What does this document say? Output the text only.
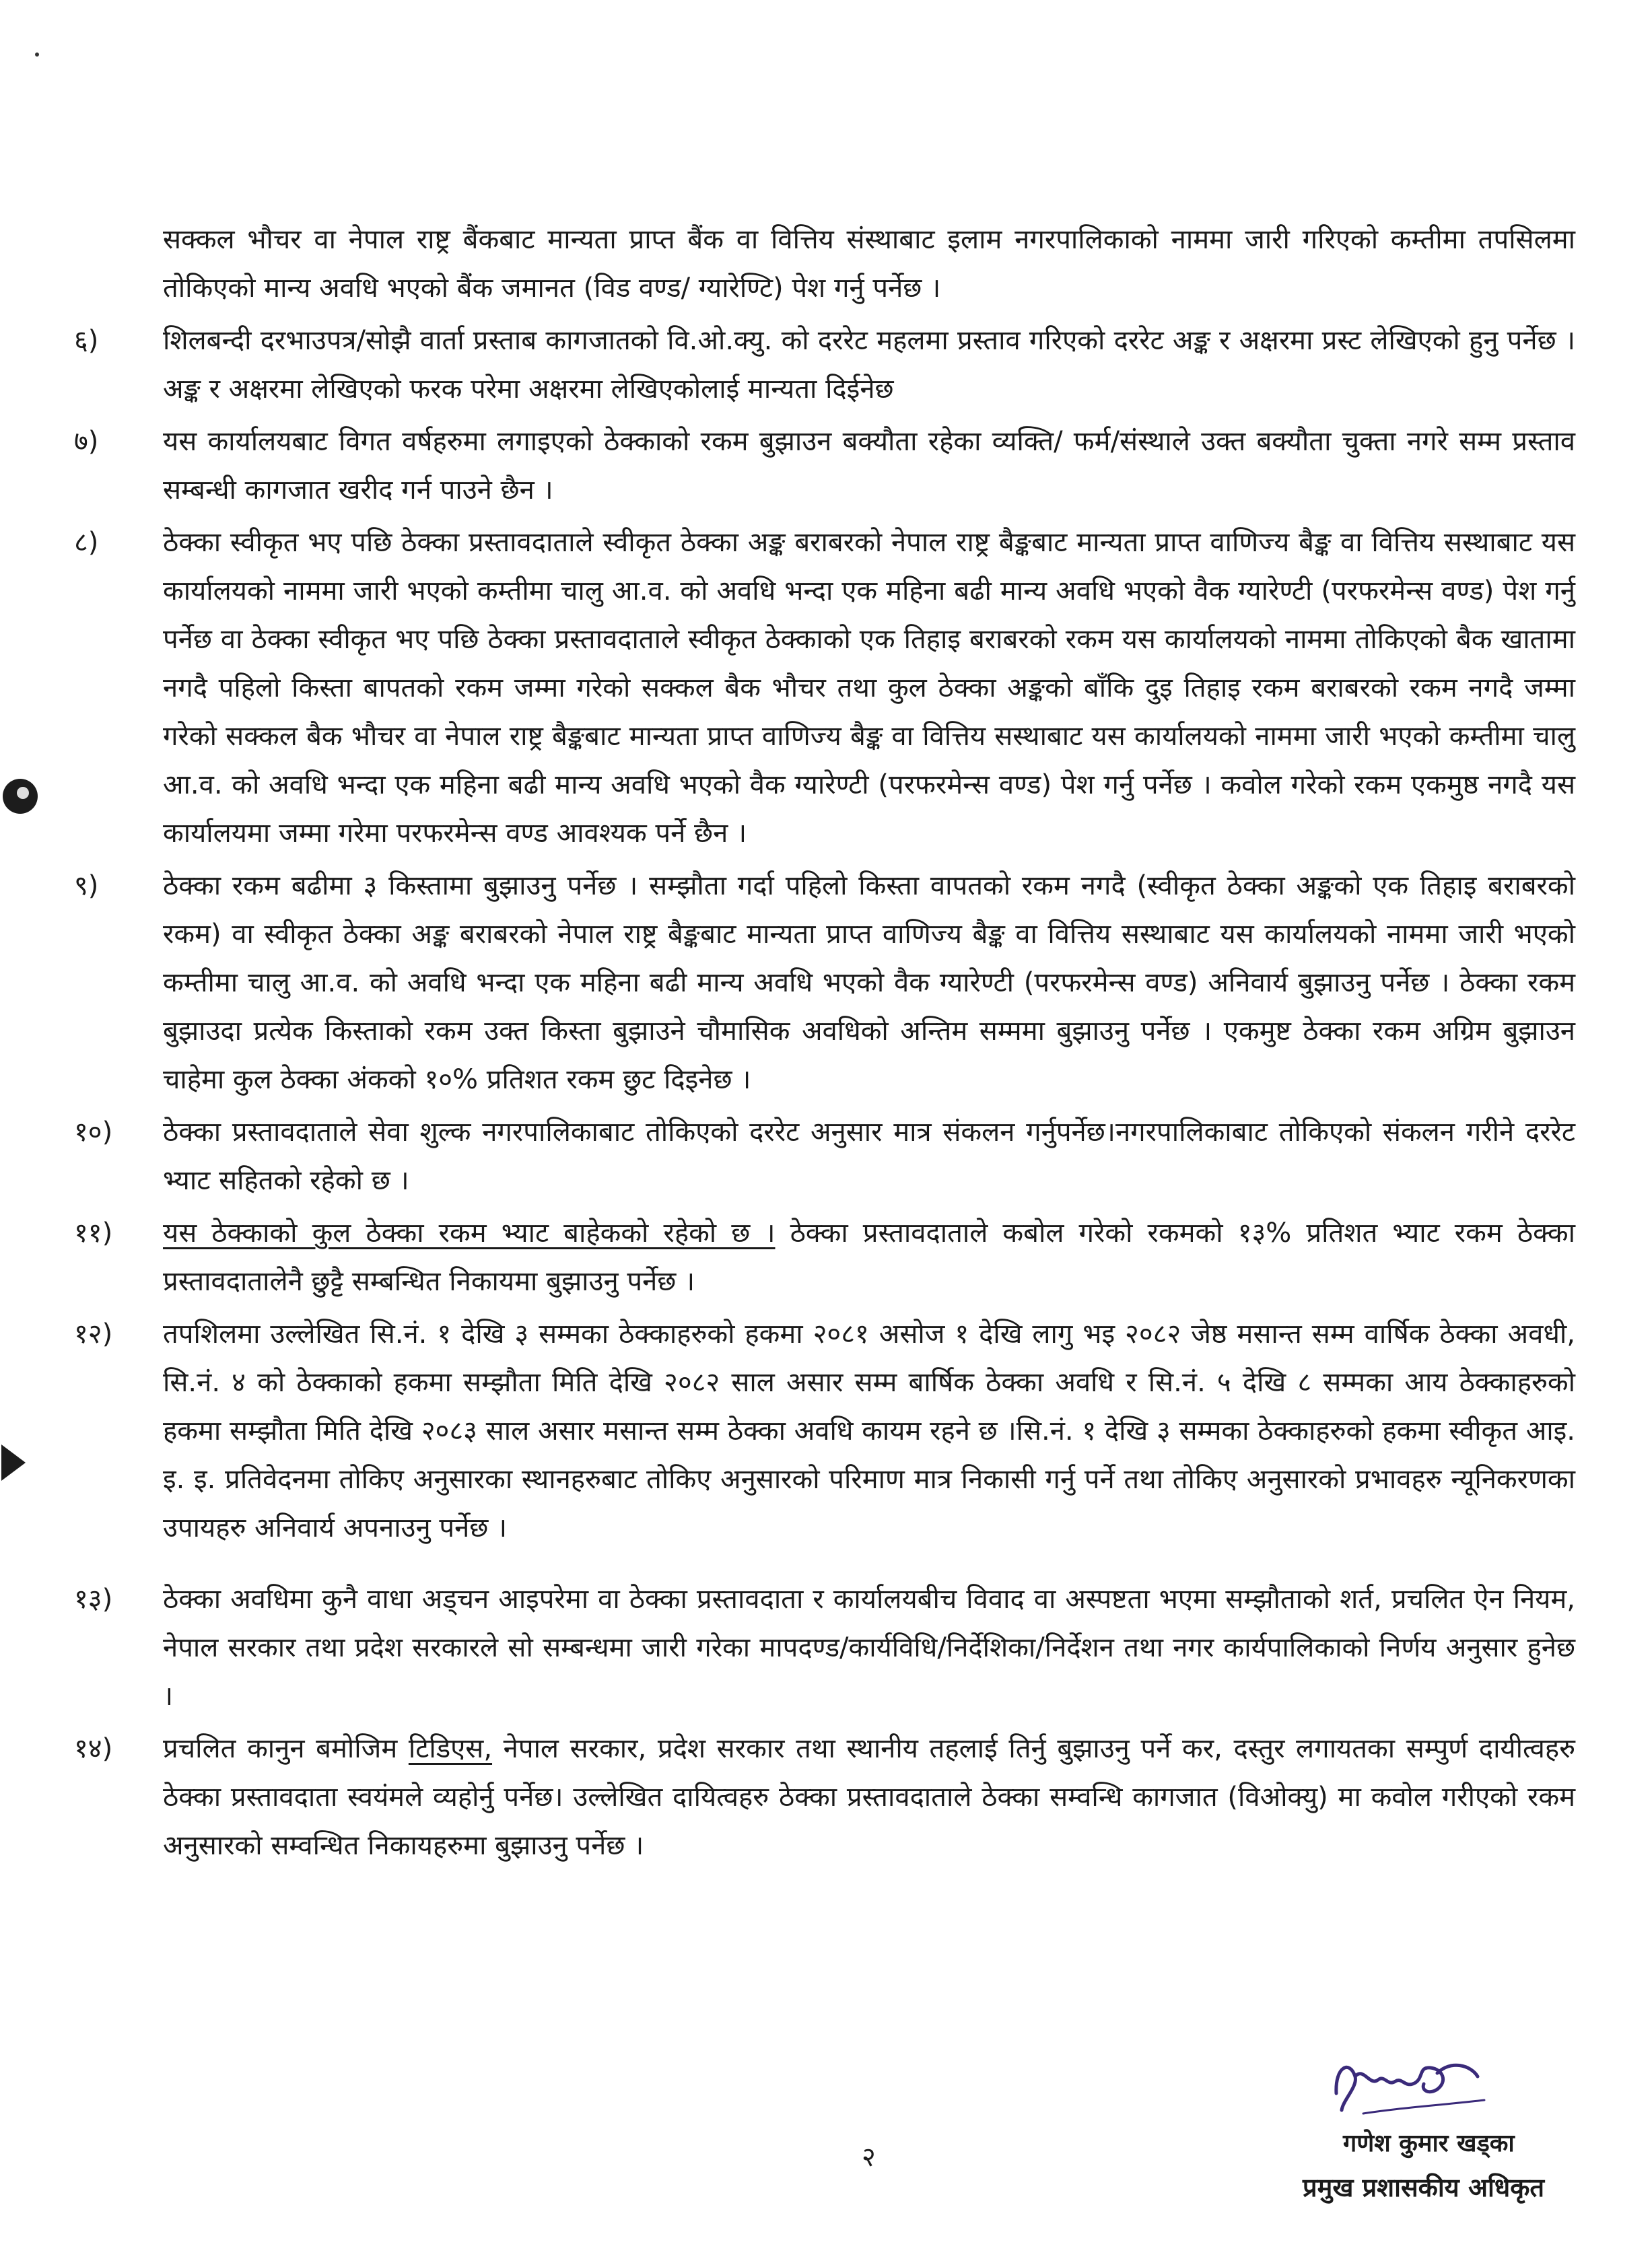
सक्कल भौचर वा नेपाल राष्ट्र बैंकबाट मान्यता प्राप्त बैंक वा वित्तिय संस्थाबाट इलाम नगरपालिकाको नाममा जारी गरिएको कम्तीमा तपसिलमा तोकिएको मान्य अवधि भएको बैंक जमानत (विड वण्ड/ ग्यारेण्टि) पेश गर्नु पर्नेछ ।
६)	शिलबन्दी दरभाउपत्र/सोझै वार्ता प्रस्ताब कागजातको वि.ओ.क्यु. को दररेट महलमा प्रस्ताव गरिएको दररेट अङ्क र अक्षरमा प्रस्ट लेखिएको हुनु पर्नेछ । अङ्क र अक्षरमा लेखिएको फरक परेमा अक्षरमा लेखिएकोलाई मान्यता दिईनेछ
७)	यस कार्यालयबाट विगत वर्षहरुमा लगाइएको ठेक्काको रकम बुझाउन बक्यौता रहेका व्यक्ति/ फर्म/संस्थाले उक्त बक्यौता चुक्ता नगरे सम्म प्रस्ताव सम्बन्धी कागजात खरीद गर्न पाउने छैन ।
८)	ठेक्का स्वीकृत भए पछि ठेक्का प्रस्तावदाताले स्वीकृत ठेक्का अङ्क बराबरको नेपाल राष्ट्र बैङ्कबाट मान्यता प्राप्त वाणिज्य बैङ्क वा वित्तिय सस्थाबाट यस कार्यालयको नाममा जारी भएको कम्तीमा चालु आ.व. को अवधि भन्दा एक महिना बढी मान्य अवधि भएको वैक ग्यारेण्टी (परफरमेन्स वण्ड) पेश गर्नु पर्नेछ वा ठेक्का स्वीकृत भए पछि ठेक्का प्रस्तावदाताले स्वीकृत ठेक्काको एक तिहाइ बराबरको रकम यस कार्यालयको नाममा तोकिएको बैक खातामा नगदै पहिलो किस्ता बापतको रकम जम्मा गरेको सक्कल बैक भौचर तथा कुल ठेक्का अङ्कको बाँकि दुइ तिहाइ रकम बराबरको रकम नगदै जम्मा गरेको सक्कल बैक भौचर वा नेपाल राष्ट्र बैङ्कबाट मान्यता प्राप्त वाणिज्य बैङ्क वा वित्तिय सस्थाबाट यस कार्यालयको नाममा जारी भएको कम्तीमा चालु आ.व. को अवधि भन्दा एक महिना बढी मान्य अवधि भएको वैक ग्यारेण्टी (परफरमेन्स वण्ड) पेश गर्नु पर्नेछ । कवोल गरेको रकम एकमुष्ठ नगदै यस कार्यालयमा जम्मा गरेमा परफरमेन्स वण्ड आवश्यक पर्ने छैन ।
९)	ठेक्का रकम बढीमा ३ किस्तामा बुझाउनु पर्नेछ । सम्झौता गर्दा पहिलो किस्ता वापतको रकम नगदै (स्वीकृत ठेक्का अङ्कको एक तिहाइ बराबरको रकम) वा स्वीकृत ठेक्का अङ्क बराबरको नेपाल राष्ट्र बैङ्कबाट मान्यता प्राप्त वाणिज्य बैङ्क वा वित्तिय सस्थाबाट यस कार्यालयको नाममा जारी भएको कम्तीमा चालु आ.व. को अवधि भन्दा एक महिना बढी मान्य अवधि भएको वैक ग्यारेण्टी (परफरमेन्स वण्ड) अनिवार्य बुझाउनु पर्नेछ । ठेक्का रकम बुझाउदा प्रत्येक किस्ताको रकम उक्त किस्ता बुझाउने चौमासिक अवधिको अन्तिम सम्ममा बुझाउनु पर्नेछ । एकमुष्ट ठेक्का रकम अग्रिम बुझाउन चाहेमा कुल ठेक्का अंकको १०% प्रतिशत रकम छुट दिइनेछ ।
१०)	ठेक्का प्रस्तावदाताले सेवा शुल्क नगरपालिकाबाट तोकिएको दररेट अनुसार मात्र संकलन गर्नुपर्नेछ।नगरपालिकाबाट तोकिएको संकलन गरीने दररेट भ्याट सहितको रहेको छ ।
११)	यस ठेक्काको कुल ठेक्का रकम भ्याट बाहेकको रहेको छ । ठेक्का प्रस्तावदाताले कबोल गरेको रकमको १३% प्रतिशत भ्याट रकम ठेक्का प्रस्तावदातालेनै छुट्टै सम्बन्धित निकायमा बुझाउनु पर्नेछ ।
१२)	तपशिलमा उल्लेखित सि.नं. १ देखि ३ सम्मका ठेक्काहरुको हकमा २०८१ असोज १ देखि लागु भइ २०८२ जेष्ठ मसान्त सम्म वार्षिक ठेक्का अवधी, सि.नं. ४ को ठेक्काको हकमा सम्झौता मिति देखि २०८२ साल असार सम्म बार्षिक ठेक्का अवधि र सि.नं. ५ देखि ८ सम्मका आय ठेक्काहरुको हकमा सम्झौता मिति देखि २०८३ साल असार मसान्त सम्म ठेक्का अवधि कायम रहने छ ।सि.नं. १ देखि ३ सम्मका ठेक्काहरुको हकमा स्वीकृत आइ. इ. इ. प्रतिवेदनमा तोकिए अनुसारका स्थानहरुबाट तोकिए अनुसारको परिमाण मात्र निकासी गर्नु पर्ने तथा तोकिए अनुसारको प्रभावहरु न्यूनिकरणका उपायहरु अनिवार्य अपनाउनु पर्नेछ ।
१३)	ठेक्का अवधिमा कुनै वाधा अड्चन आइपरेमा वा ठेक्का प्रस्तावदाता र कार्यालयबीच विवाद वा अस्पष्टता भएमा सम्झौताको शर्त, प्रचलित ऐन नियम, नेपाल सरकार तथा प्रदेश सरकारले सो सम्बन्धमा जारी गरेका मापदण्ड/कार्यविधि/निर्देशिका/निर्देशन तथा नगर कार्यपालिकाको निर्णय अनुसार हुनेछ ।
१४)	प्रचलित कानुन बमोजिम टिडिएस, नेपाल सरकार, प्रदेश सरकार तथा स्थानीय तहलाई तिर्नु बुझाउनु पर्ने कर, दस्तुर लगायतका सम्पुर्ण दायीत्वहरु ठेक्का प्रस्तावदाता स्वयंमले व्यहोर्नु पर्नेछ। उल्लेखित दायित्वहरु ठेक्का प्रस्तावदाताले ठेक्का सम्वन्धि कागजात (विओक्यु) मा कवोल गरीएको रकम अनुसारको सम्वन्धित निकायहरुमा बुझाउनु पर्नेछ ।
२	गणेश कुमार खड्का
प्रमुख प्रशासकीय अधिकृत
